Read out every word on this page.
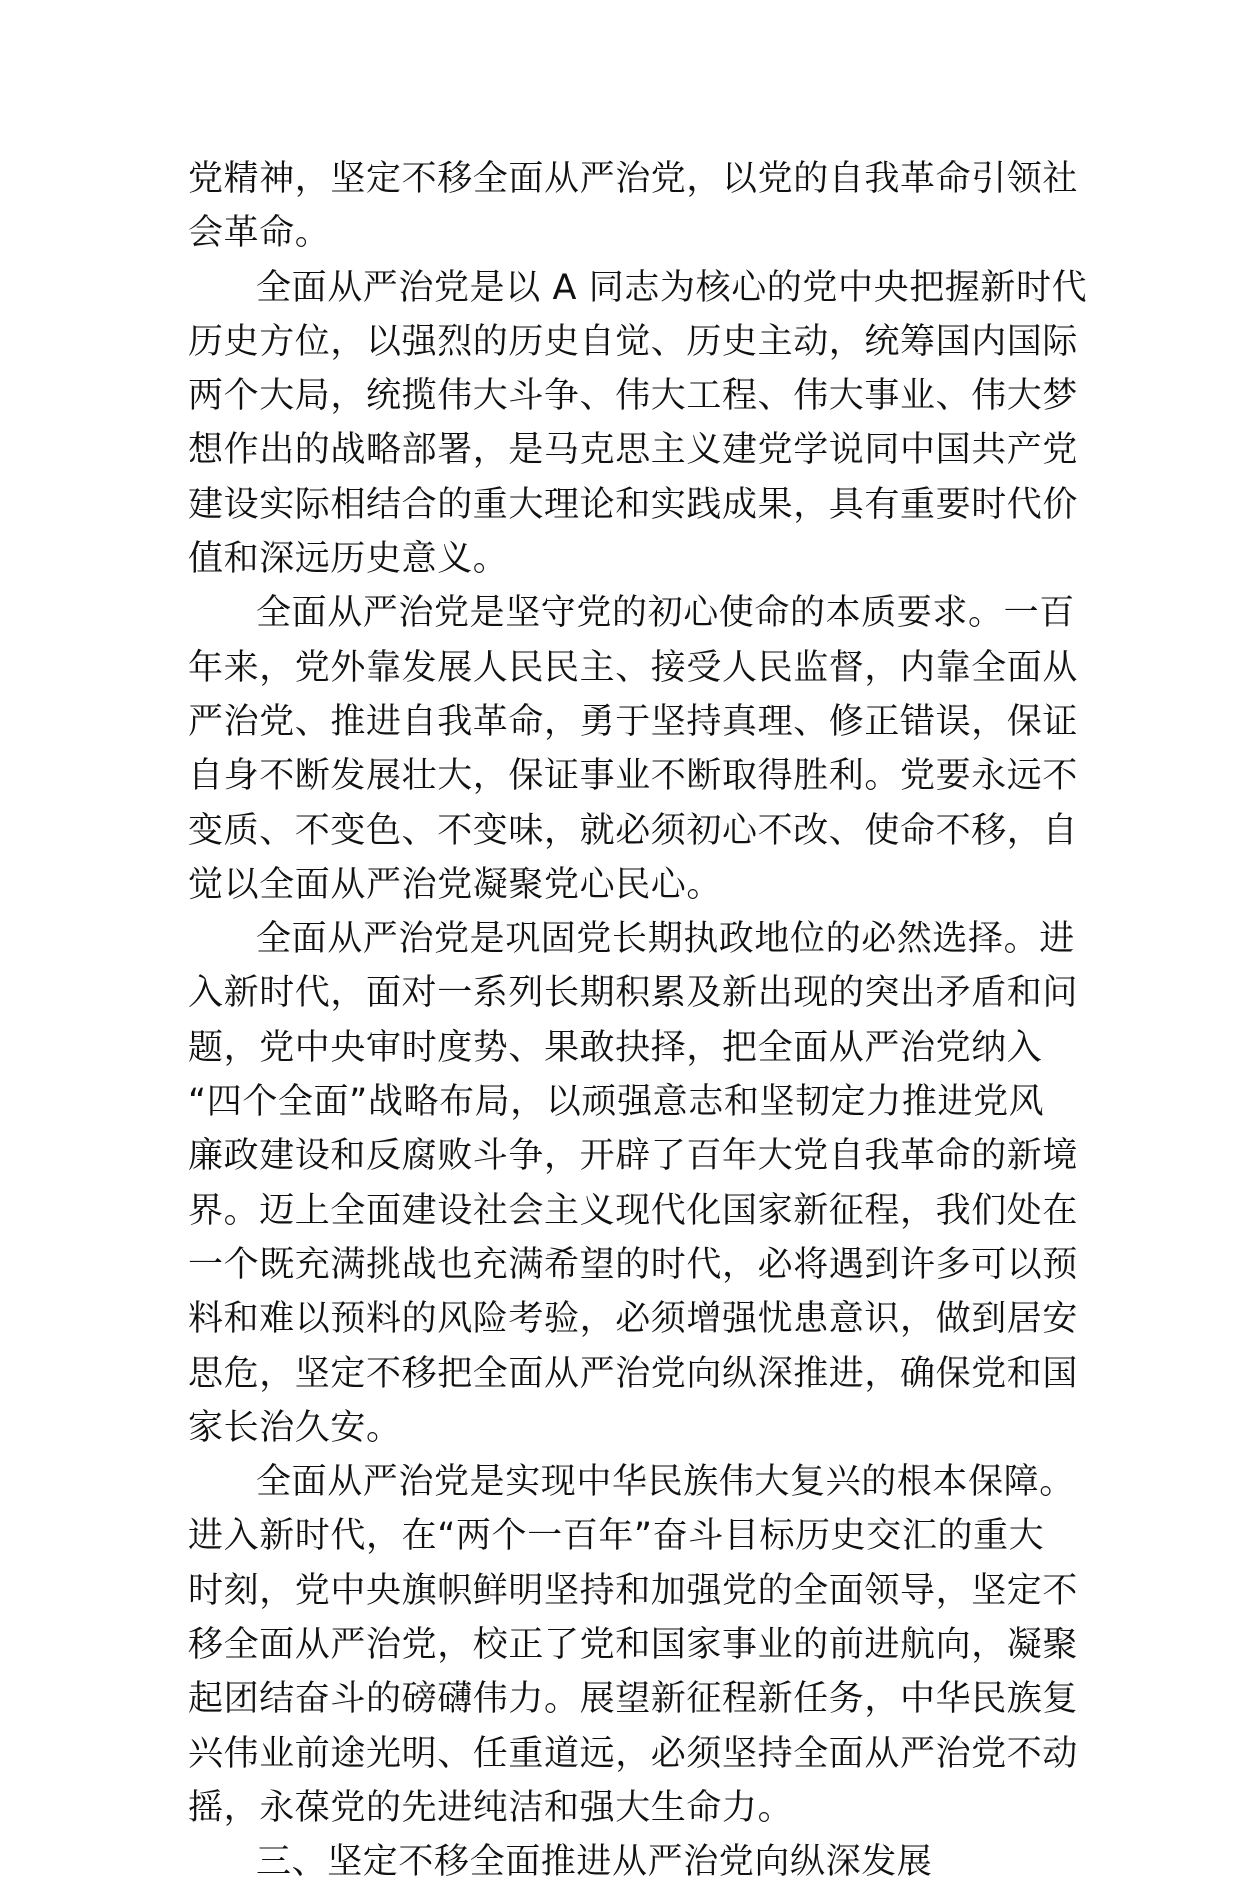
党精神，坚定不移全面从严治党，以党的自我革命引领社
会革命。
全面从严治党是以 A 同志为核心的党中央把握新时代
历史方位，以强烈的历史自觉、历史主动，统筹国内国际
两个大局，统揽伟大斗争、伟大工程、伟大事业、伟大梦
想作出的战略部署，是马克思主义建党学说同中国共产党
建设实际相结合的重大理论和实践成果，具有重要时代价
值和深远历史意义。
全面从严治党是坚守党的初心使命的本质要求。一百
年来，党外靠发展人民民主、接受人民监督，内靠全面从
严治党、推进自我革命，勇于坚持真理、修正错误，保证
自身不断发展壮大，保证事业不断取得胜利。党要永远不
变质、不变色、不变味，就必须初心不改、使命不移，自
觉以全面从严治党凝聚党心民心。
全面从严治党是巩固党长期执政地位的必然选择。进
入新时代，面对一系列长期积累及新出现的突出矛盾和问
题，党中央审时度势、果敢抉择，把全面从严治党纳入
“四个全面”战略布局，以顽强意志和坚韧定力推进党风
廉政建设和反腐败斗争，开辟了百年大党自我革命的新境
界。迈上全面建设社会主义现代化国家新征程，我们处在
一个既充满挑战也充满希望的时代，必将遇到许多可以预
料和难以预料的风险考验，必须增强忧患意识，做到居安
思危，坚定不移把全面从严治党向纵深推进，确保党和国
家长治久安。
全面从严治党是实现中华民族伟大复兴的根本保障。
进入新时代，在“两个一百年”奋斗目标历史交汇的重大
时刻，党中央旗帜鲜明坚持和加强党的全面领导，坚定不
移全面从严治党，校正了党和国家事业的前进航向，凝聚
起团结奋斗的磅礴伟力。展望新征程新任务，中华民族复
兴伟业前途光明、任重道远，必须坚持全面从严治党不动
摇，永葆党的先进纯洁和强大生命力。
三、坚定不移全面推进从严治党向纵深发展
